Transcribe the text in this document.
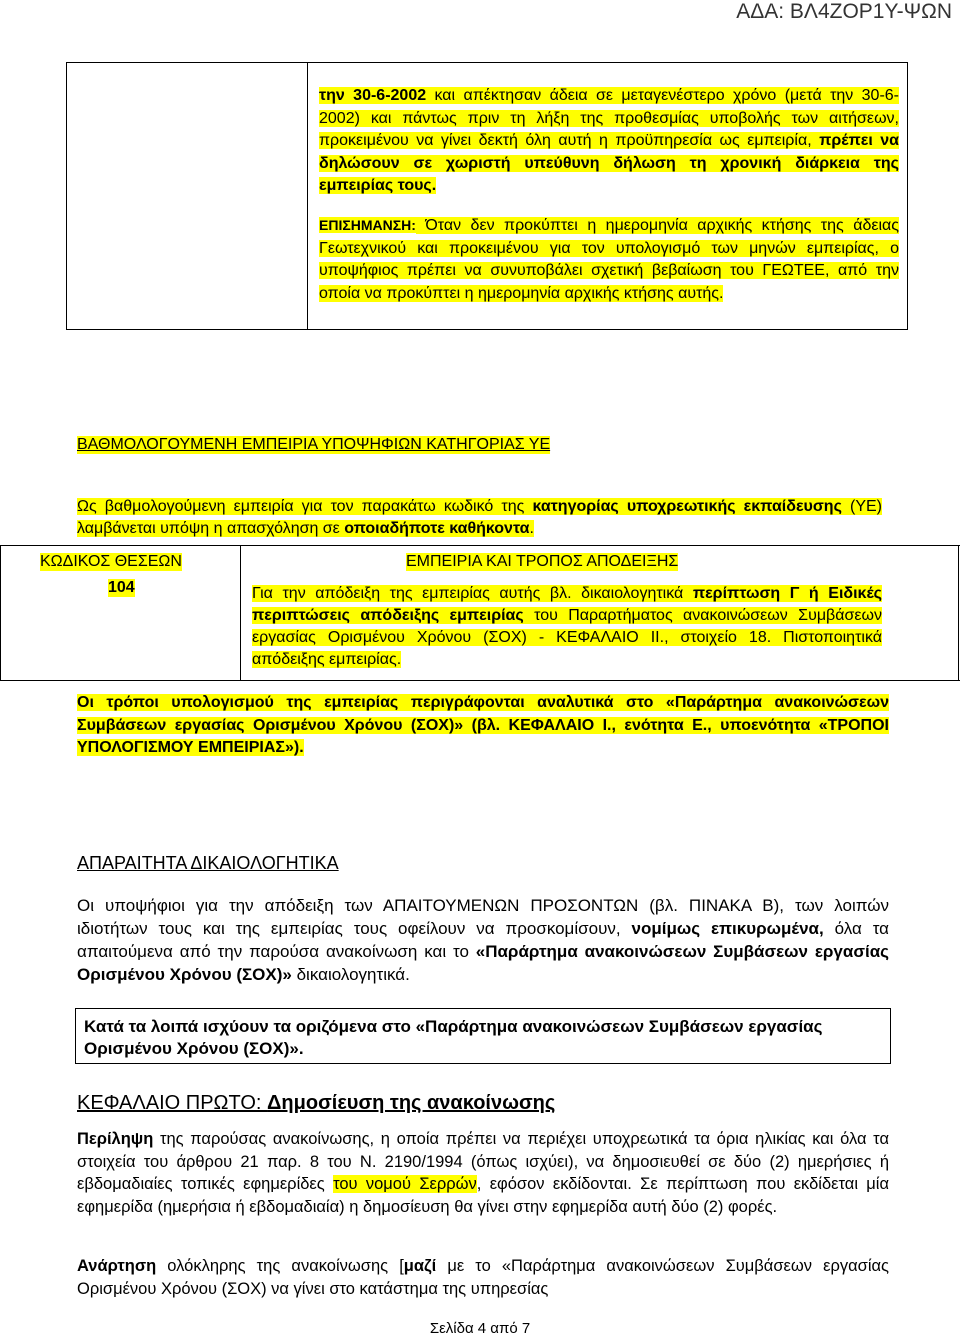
ΑΔΑ: ΒΛ4ΖΟΡ1Υ-ΨΩΝ
την 30-6-2002 και απέκτησαν άδεια σε μεταγενέστερο χρόνο (μετά την 30-6-2002) και πάντως πριν τη λήξη της προθεσμίας υποβολής των αιτήσεων, προκειμένου να γίνει δεκτή όλη αυτή η προϋπηρεσία ως εμπειρία, πρέπει να δηλώσουν σε χωριστή υπεύθυνη δήλωση τη χρονική διάρκεια της εμπειρίας τους.
ΕΠΙΣΗΜΑΝΣΗ: Όταν δεν προκύπτει η ημερομηνία αρχικής κτήσης της άδειας Γεωτεχνικού και προκειμένου για τον υπολογισμό των μηνών εμπειρίας, ο υποψήφιος πρέπει να συνυποβάλει σχετική βεβαίωση του ΓΕΩΤΕΕ, από την οποία να προκύπτει η ημερομηνία αρχικής κτήσης αυτής.
ΒΑΘΜΟΛΟΓΟΥΜΕΝΗ ΕΜΠΕΙΡΙΑ ΥΠΟΨΗΦΙΩΝ ΚΑΤΗΓΟΡΙΑΣ ΥΕ
Ως βαθμολογούμενη εμπειρία για τον παρακάτω κωδικό της κατηγορίας υποχρεωτικής εκπαίδευσης (ΥΕ) λαμβάνεται υπόψη η απασχόληση σε οποιαδήποτε καθήκοντα.
ΚΩΔΙΚΟΣ ΘΕΣΕΩΝ	ΕΜΠΕΙΡΙΑ ΚΑΙ ΤΡΟΠΟΣ ΑΠΟΔΕΙΞΗΣ
104	Για την απόδειξη της εμπειρίας αυτής βλ. δικαιολογητικά περίπτωση Γ ή Ειδικές περιπτώσεις απόδειξης εμπειρίας του Παραρτήματος ανακοινώσεων Συμβάσεων εργασίας Ορισμένου Χρόνου (ΣΟΧ) - ΚΕΦΑΛΑΙΟ ΙΙ., στοιχείο 18. Πιστοποιητικά απόδειξης εμπειρίας.
Οι τρόποι υπολογισμού της εμπειρίας περιγράφονται αναλυτικά στο «Παράρτημα ανακοινώσεων Συμβάσεων εργασίας Ορισμένου Χρόνου (ΣΟΧ)» (βλ. ΚΕΦΑΛΑΙΟ Ι., ενότητα Ε., υποενότητα «ΤΡΟΠΟΙ ΥΠΟΛΟΓΙΣΜΟΥ ΕΜΠΕΙΡΙΑΣ»).
ΑΠΑΡΑΙΤΗΤΑ ΔΙΚΑΙΟΛΟΓΗΤΙΚΑ
Οι υποψήφιοι για την απόδειξη των ΑΠΑΙΤΟΥΜΕΝΩΝ ΠΡΟΣΟΝΤΩΝ (βλ. ΠΙΝΑΚΑ Β), των λοιπών ιδιοτήτων τους και της εμπειρίας τους οφείλουν να προσκομίσουν, νομίμως επικυρωμένα, όλα τα απαιτούμενα από την παρούσα ανακοίνωση και το «Παράρτημα ανακοινώσεων Συμβάσεων εργασίας Ορισμένου Χρόνου (ΣΟΧ)» δικαιολογητικά.
Κατά τα λοιπά ισχύουν τα οριζόμενα στο «Παράρτημα ανακοινώσεων Συμβάσεων εργασίας Ορισμένου Χρόνου (ΣΟΧ)».
ΚΕΦΑΛΑΙΟ ΠΡΩΤΟ: Δημοσίευση της ανακοίνωσης
Περίληψη της παρούσας ανακοίνωσης, η οποία πρέπει να περιέχει υποχρεωτικά τα όρια ηλικίας και όλα τα στοιχεία του άρθρου 21 παρ. 8 του Ν. 2190/1994 (όπως ισχύει), να δημοσιευθεί σε δύο (2) ημερήσιες ή εβδομαδιαίες τοπικές εφημερίδες του νομού Σερρών, εφόσον εκδίδονται. Σε περίπτωση που εκδίδεται μία εφημερίδα (ημερήσια ή εβδομαδιαία) η δημοσίευση θα γίνει στην εφημερίδα αυτή δύο (2) φορές.
Ανάρτηση ολόκληρης της ανακοίνωσης [μαζί με το «Παράρτημα ανακοινώσεων Συμβάσεων εργασίας Ορισμένου Χρόνου (ΣΟΧ) να γίνει στο κατάστημα της υπηρεσίας
Σελίδα 4 από 7
